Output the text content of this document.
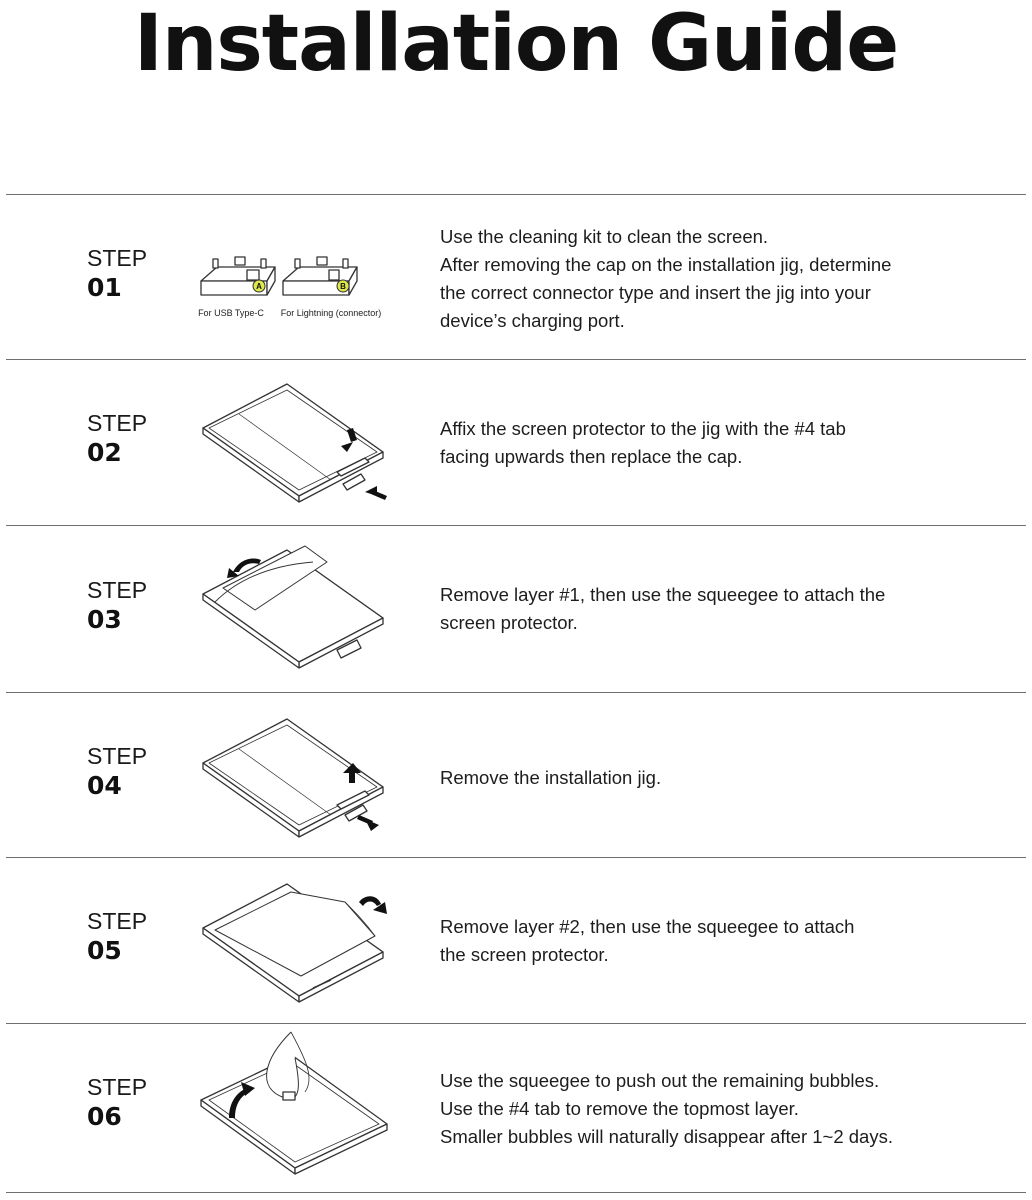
Installation Guide
STEP
01	A	B
For USB Type-C For Lightning (connector)

Use the cleaning kit to clean the screen.

After removing the cap on the installation jig, determine

the correct connector type and insert the jig into your

device’s charging port.

STEP
02

Affix the screen protector to the jig with the #4 tab

facing upwards then replace the cap.

STEP
03

Remove layer #1, then use the squeegee to attach the

screen protector.

STEP
04	Remove the installation jig.

STEP
05

Remove layer #2, then use the squeegee to attach

the screen protector.

STEP
06

Use the squeegee to push out the remaining bubbles.

Use the #4 tab to remove the topmost layer.

Smaller bubbles will naturally disappear after 1~2 days.
